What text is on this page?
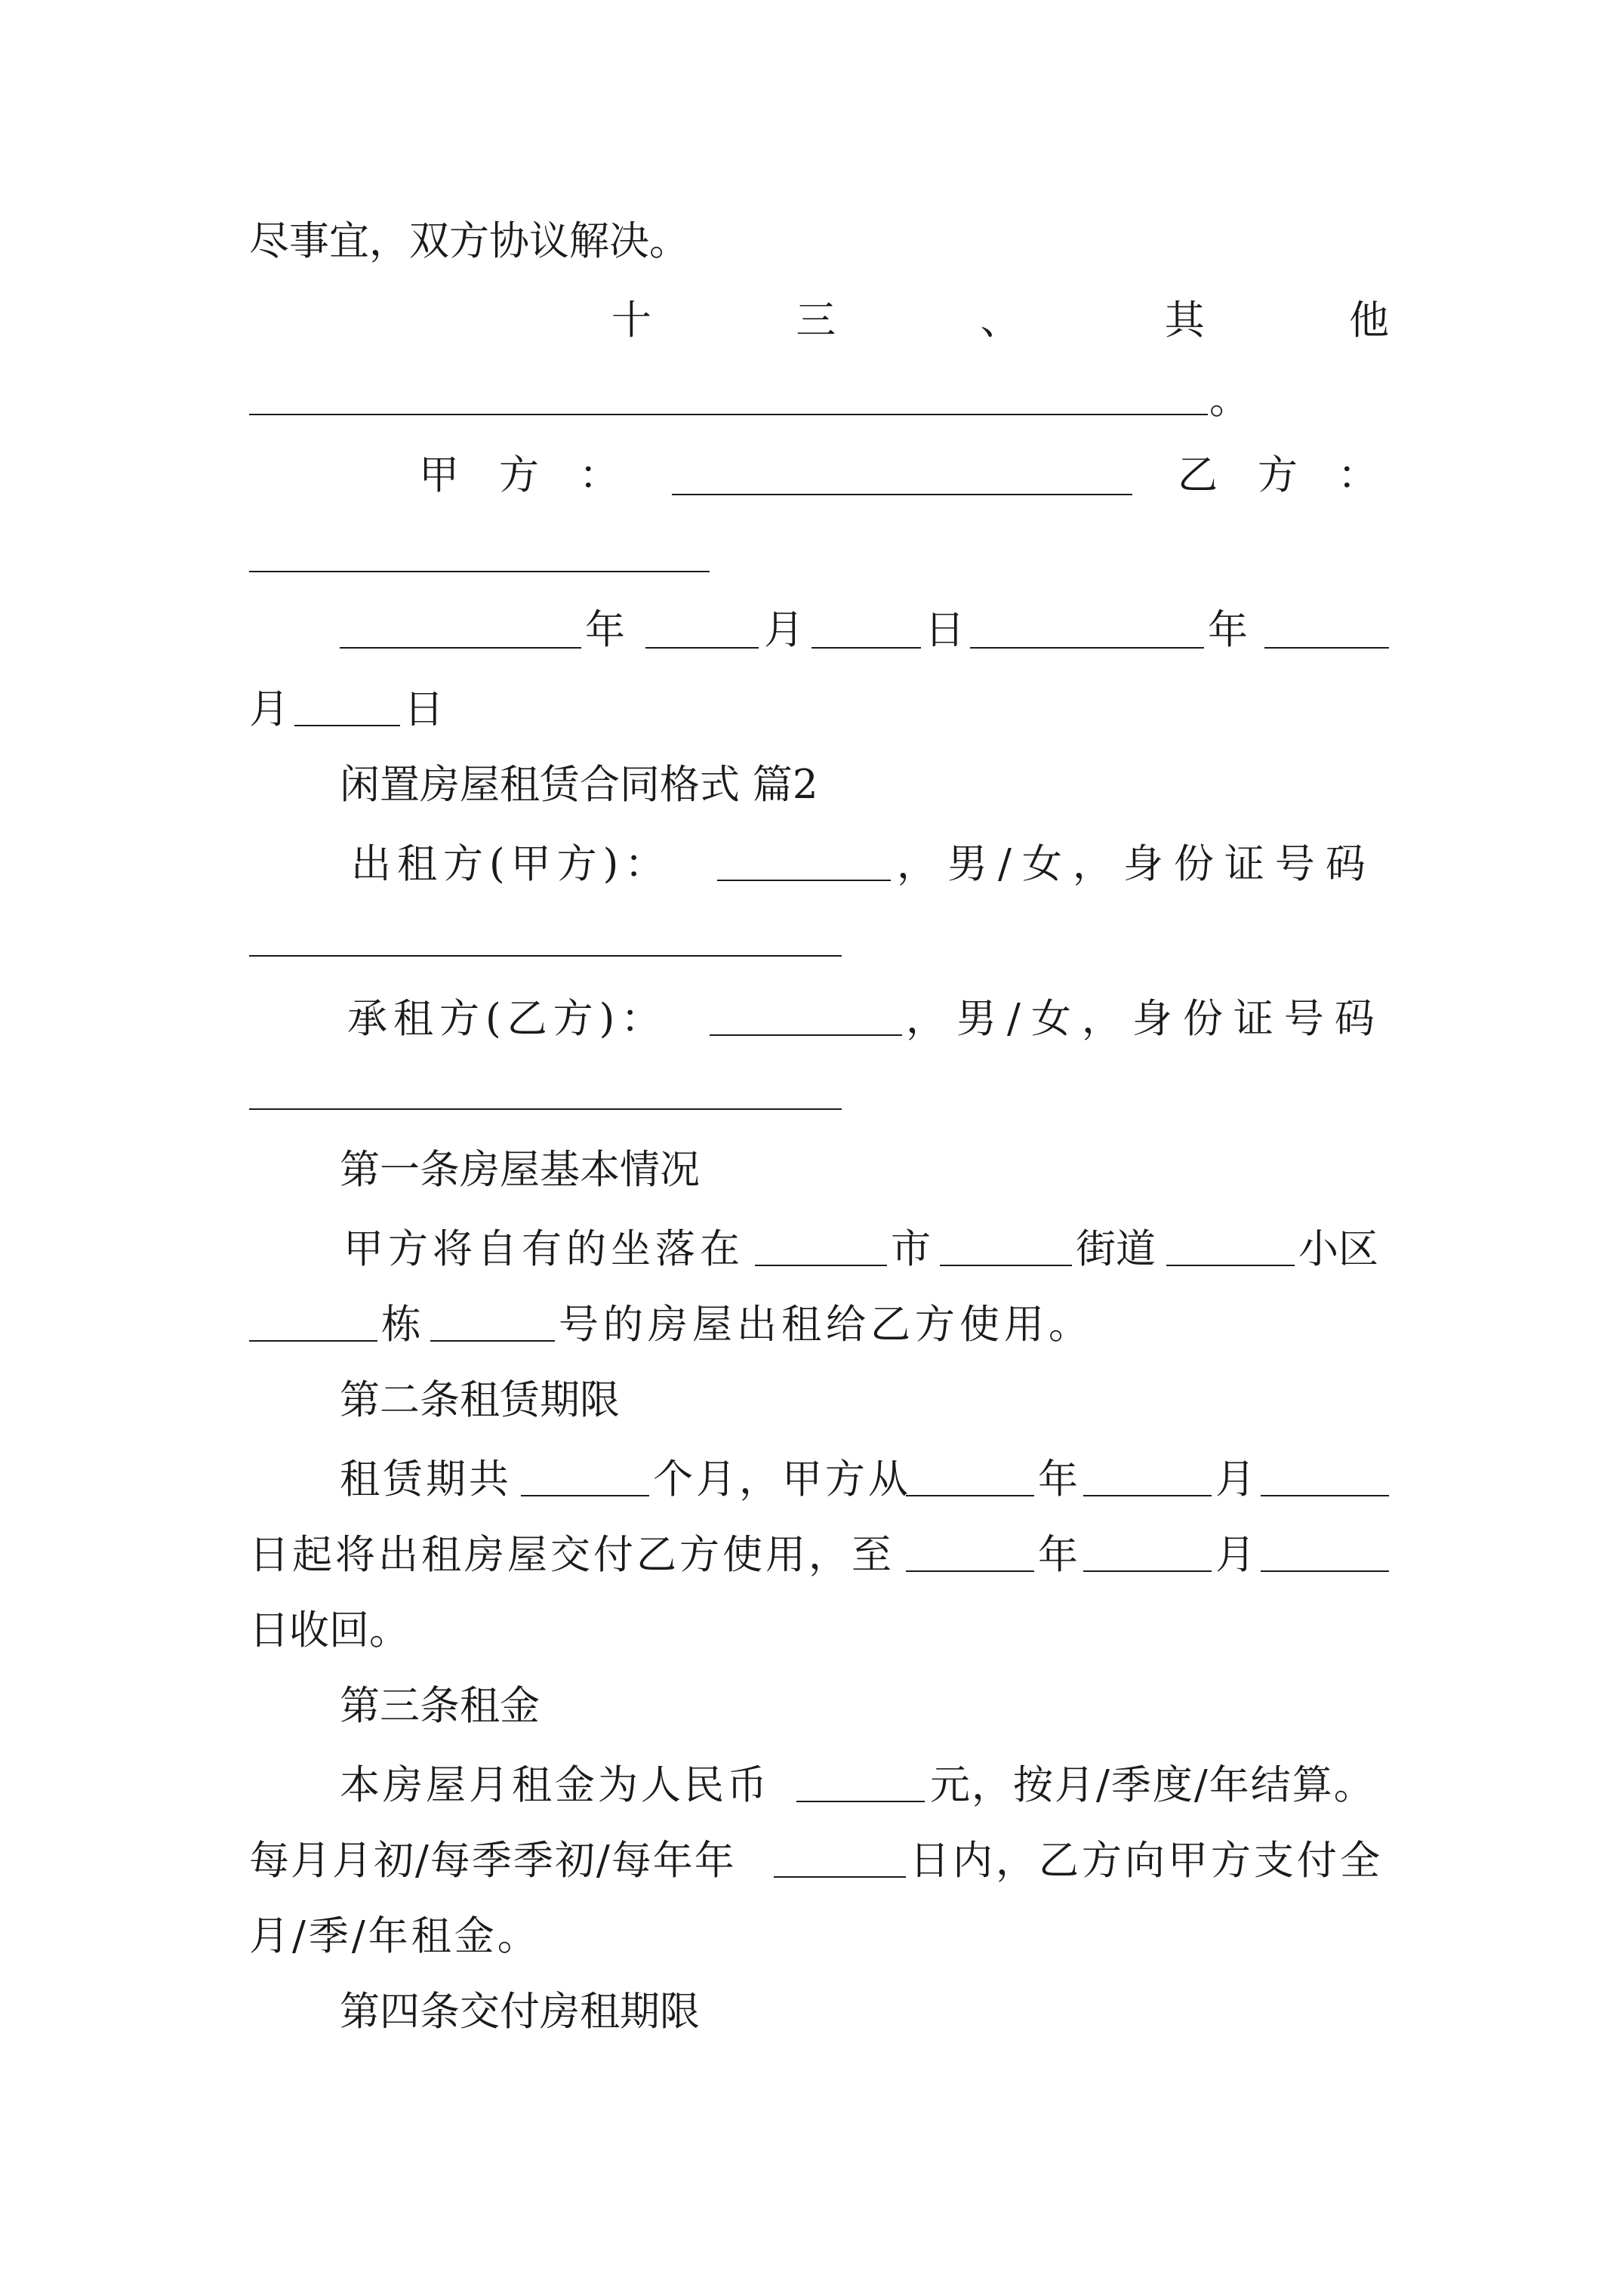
尽事宜，双方协议解决。
十	三	、	其	他
。
甲　方　：	乙　方　：
年	月	日	年
月	日
闲置房屋租赁合同格式 篇2
出租方(甲方)：	，男/女，身份证号码
承租方(乙方)：	，男/女，身份证号码
第一条房屋基本情况
甲方将自有的坐落在	市	街道	小区
栋	号的房屋出租给乙方使用。
第二条租赁期限
租赁期共	个月，甲方从	年	月
日起将出租房屋交付乙方使用，至	年	月
日收回。
第三条租金
本房屋月租金为人民币	元，按月/季度/年结算。
每月月初/每季季初/每年年	日内，乙方向甲方支付全
月/季/年租金。
第四条交付房租期限
